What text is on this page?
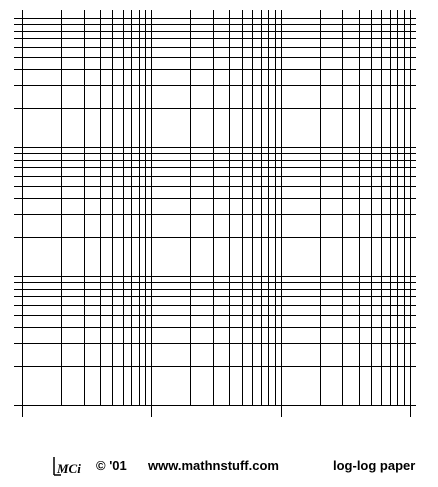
MCi © '01 www.mathnstuff.com	log-log paper
